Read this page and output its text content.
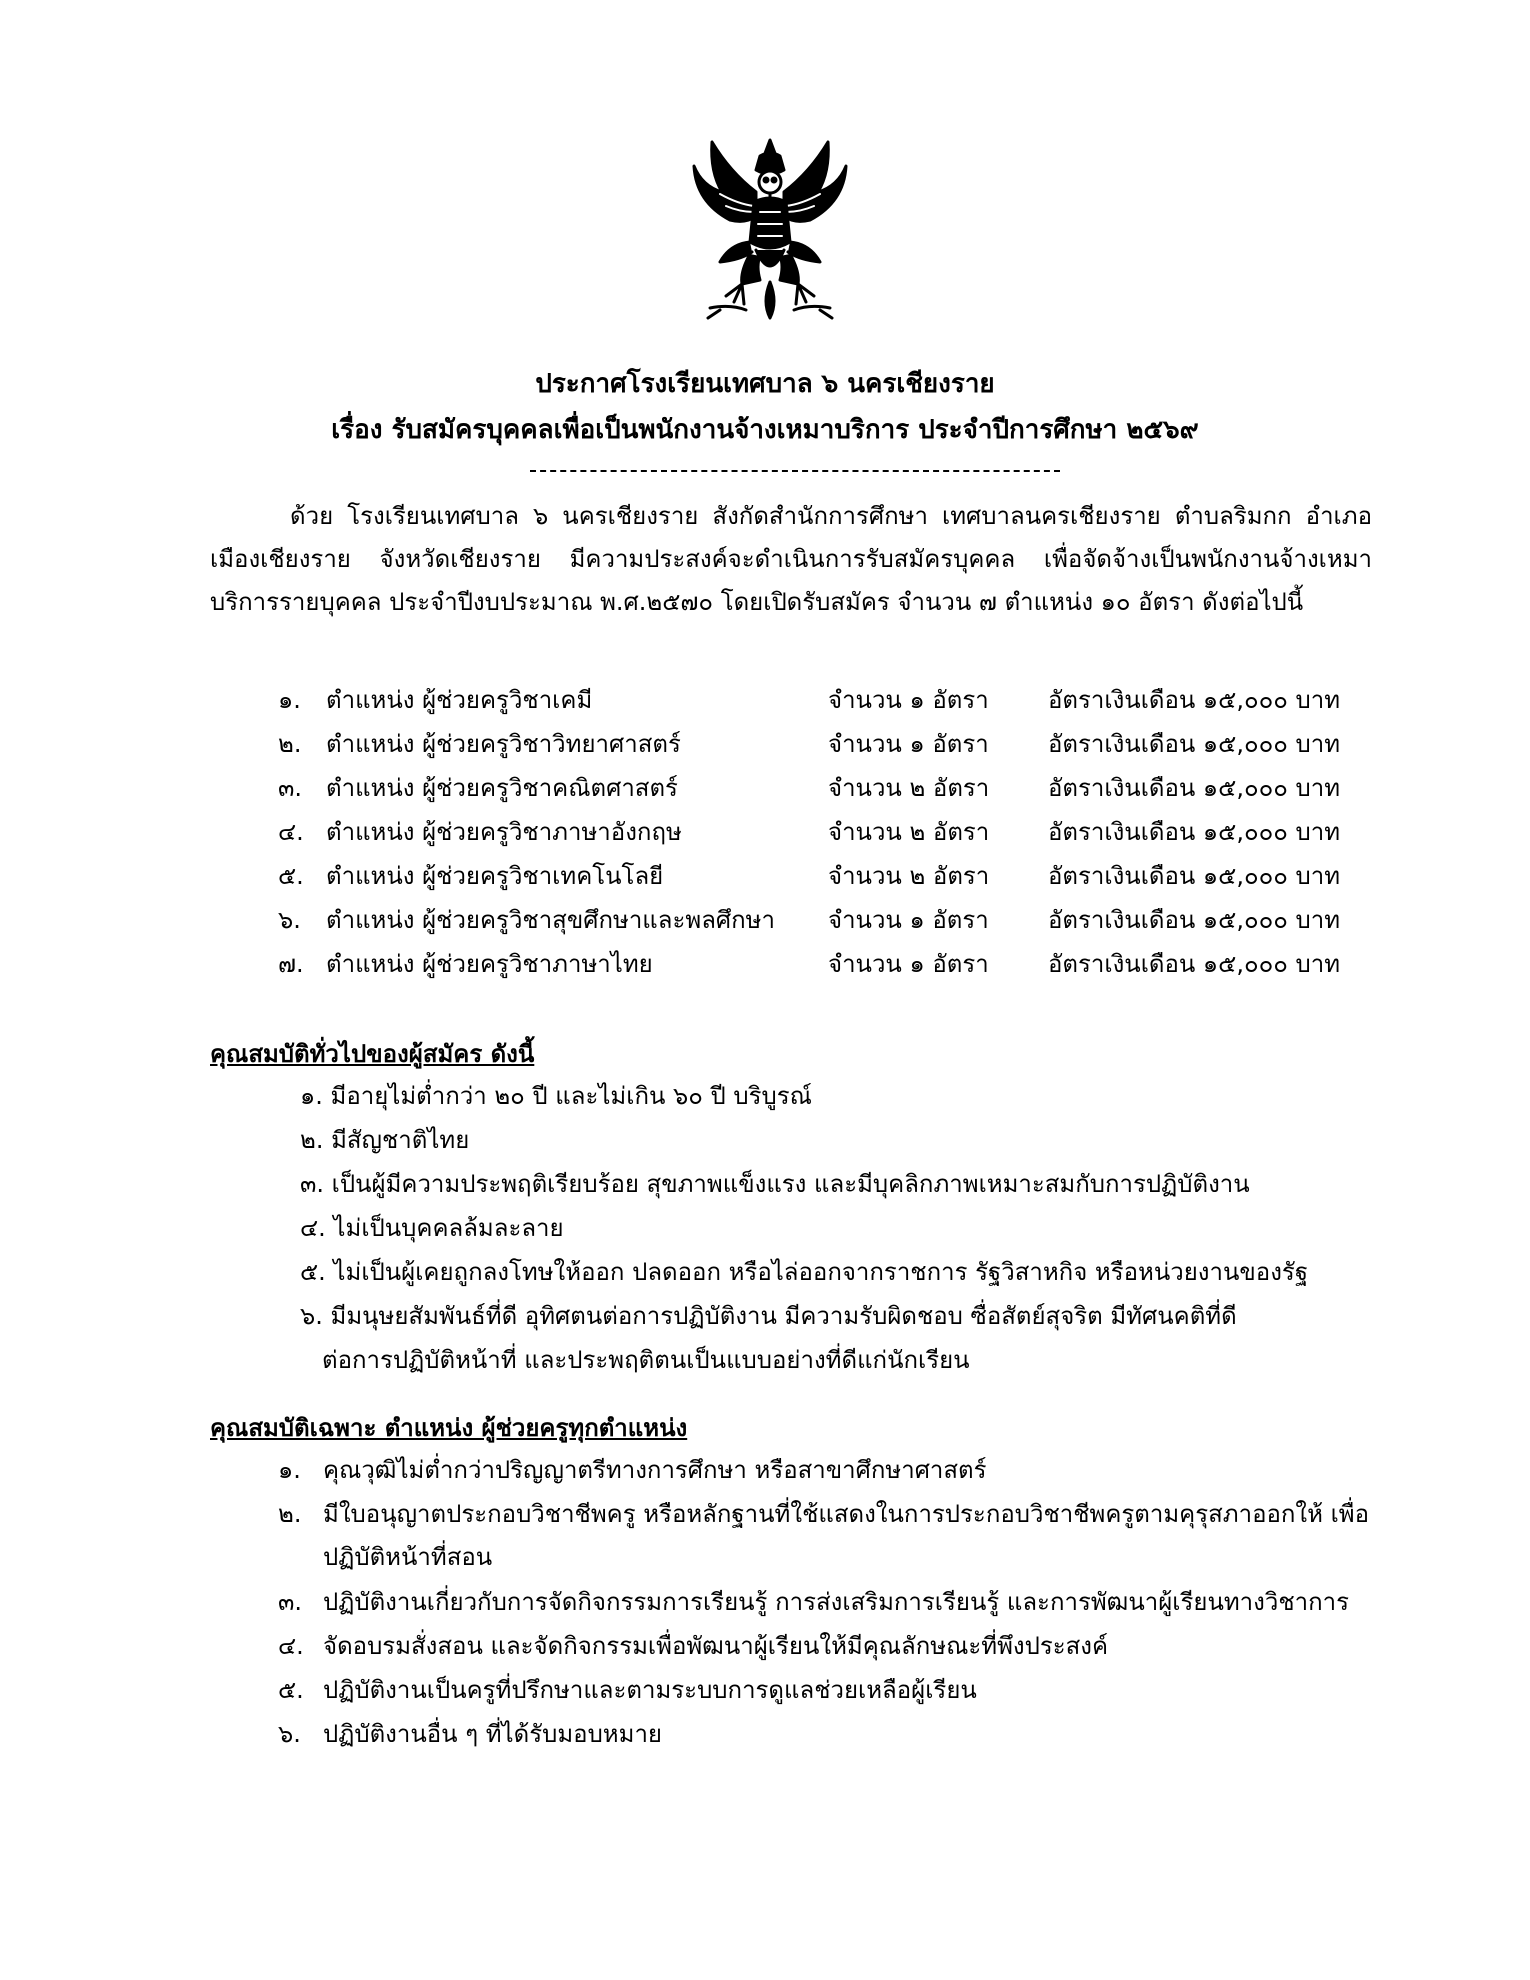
ประกาศโรงเรียนเทศบาล ๖ นครเชียงราย
เรื่อง รับสมัครบุคคลเพื่อเป็นพนักงานจ้างเหมาบริการ ประจำปีการศึกษา ๒๕๖๙
ด้วย โรงเรียนเทศบาล ๖ นครเชียงราย สังกัดสำนักการศึกษา เทศบาลนครเชียงราย ตำบลริมกก อำเภอเมืองเชียงราย จังหวัดเชียงราย มีความประสงค์จะดำเนินการรับสมัครบุคคล เพื่อจัดจ้างเป็นพนักงานจ้างเหมาบริการรายบุคคล ประจำปีงบประมาณ พ.ศ.๒๕๗๐ โดยเปิดรับสมัคร จำนวน ๗ ตำแหน่ง ๑๐ อัตรา ดังต่อไปนี้
๑. ตำแหน่ง ผู้ช่วยครูวิชาเคมี	จำนวน ๑ อัตรา อัตราเงินเดือน ๑๕,๐๐๐ บาท
๒. ตำแหน่ง ผู้ช่วยครูวิชาวิทยาศาสตร์	จำนวน ๑ อัตรา อัตราเงินเดือน ๑๕,๐๐๐ บาท
๓. ตำแหน่ง ผู้ช่วยครูวิชาคณิตศาสตร์	จำนวน ๒ อัตรา อัตราเงินเดือน ๑๕,๐๐๐ บาท
๔. ตำแหน่ง ผู้ช่วยครูวิชาภาษาอังกฤษ	จำนวน ๒ อัตรา อัตราเงินเดือน ๑๕,๐๐๐ บาท
๕. ตำแหน่ง ผู้ช่วยครูวิชาเทคโนโลยี	จำนวน ๒ อัตรา อัตราเงินเดือน ๑๕,๐๐๐ บาท
๖. ตำแหน่ง ผู้ช่วยครูวิชาสุขศึกษาและพลศึกษา จำนวน ๑ อัตรา อัตราเงินเดือน ๑๕,๐๐๐ บาท
๗. ตำแหน่ง ผู้ช่วยครูวิชาภาษาไทย	จำนวน ๑ อัตรา อัตราเงินเดือน ๑๕,๐๐๐ บาท
คุณสมบัติทั่วไปของผู้สมัคร ดังนี้
๑. มีอายุไม่ต่ำกว่า ๒๐ ปี และไม่เกิน ๖๐ ปี บริบูรณ์
๒. มีสัญชาติไทย
๓. เป็นผู้มีความประพฤติเรียบร้อย สุขภาพแข็งแรง และมีบุคลิกภาพเหมาะสมกับการปฏิบัติงาน
๔. ไม่เป็นบุคคลล้มละลาย
๕. ไม่เป็นผู้เคยถูกลงโทษให้ออก ปลดออก หรือไล่ออกจากราชการ รัฐวิสาหกิจ หรือหน่วยงานของรัฐ
๖. มีมนุษยสัมพันธ์ที่ดี อุทิศตนต่อการปฏิบัติงาน มีความรับผิดชอบ ซื่อสัตย์สุจริต มีทัศนคติที่ดี
ต่อการปฏิบัติหน้าที่ และประพฤติตนเป็นแบบอย่างที่ดีแก่นักเรียน
คุณสมบัติเฉพาะ ตำแหน่ง ผู้ช่วยครูทุกตำแหน่ง
๑. คุณวุฒิไม่ต่ำกว่าปริญญาตรีทางการศึกษา หรือสาขาศึกษาศาสตร์
๒. มีใบอนุญาตประกอบวิชาชีพครู หรือหลักฐานที่ใช้แสดงในการประกอบวิชาชีพครูตามคุรุสภาออกให้ เพื่อปฏิบัติหน้าที่สอน
๓. ปฏิบัติงานเกี่ยวกับการจัดกิจกรรมการเรียนรู้ การส่งเสริมการเรียนรู้ และการพัฒนาผู้เรียนทางวิชาการ
๔. จัดอบรมสั่งสอน และจัดกิจกรรมเพื่อพัฒนาผู้เรียนให้มีคุณลักษณะที่พึงประสงค์
๕. ปฏิบัติงานเป็นครูที่ปรึกษาและตามระบบการดูแลช่วยเหลือผู้เรียน
๖. ปฏิบัติงานอื่น ๆ ที่ได้รับมอบหมาย
